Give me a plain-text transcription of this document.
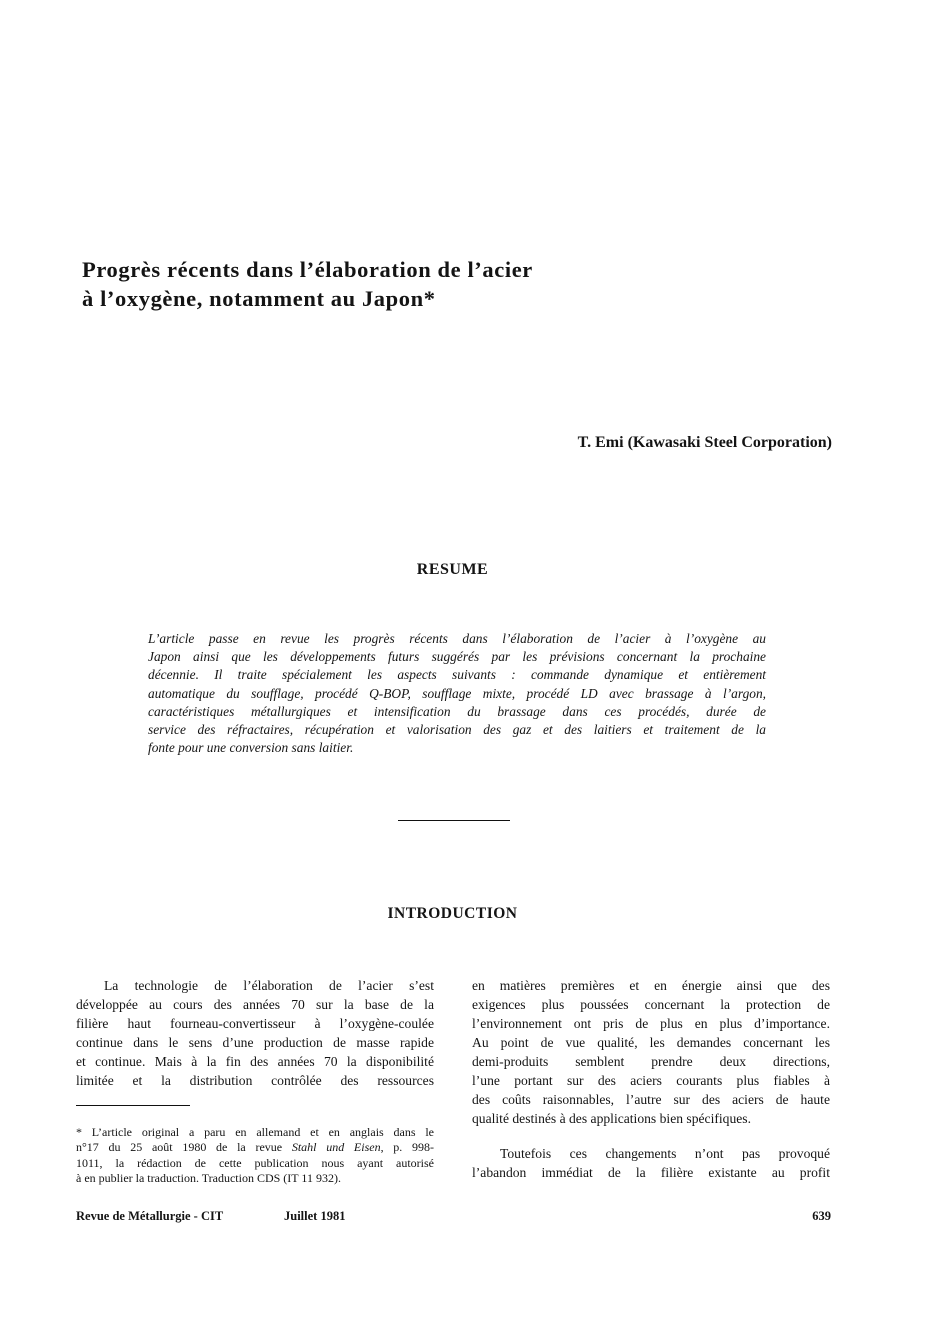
Progrès récents dans l’élaboration de l’acier
à l’oxygène, notamment au Japon*
T. Emi (Kawasaki Steel Corporation)
RESUME
L’article passe en revue les progrès récents dans l’élaboration de l’acier à l’oxygène au
Japon ainsi que les développements futurs suggérés par les prévisions concernant la prochaine
décennie. Il traite spécialement les aspects suivants : commande dynamique et entièrement
automatique du soufflage, procédé Q-BOP, soufflage mixte, procédé LD avec brassage à l’argon,
caractéristiques métallurgiques et intensification du brassage dans ces procédés, durée de
service des réfractaires, récupération et valorisation des gaz et des laitiers et traitement de la
fonte pour une conversion sans laitier.
INTRODUCTION
La technologie de l’élaboration de l’acier s’est
développée au cours des années 70 sur la base de la
filière haut fourneau-convertisseur à l’oxygène-coulée
continue dans le sens d’une production de masse rapide
et continue. Mais à la fin des années 70 la disponibilité
limitée et la distribution contrôlée des ressources
* L’article original a paru en allemand et en anglais dans le
n°17 du 25 août 1980 de la revue Stahl und Eisen, p. 998-
1011, la rédaction de cette publication nous ayant autorisé
à en publier la traduction. Traduction CDS (IT 11 932).
en matières premières et en énergie ainsi que des
exigences plus poussées concernant la protection de
l’environnement ont pris de plus en plus d’importance.
Au point de vue qualité, les demandes concernant les
demi-produits semblent prendre deux directions,
l’une portant sur des aciers courants plus fiables à
des coûts raisonnables, l’autre sur des aciers de haute
qualité destinés à des applications bien spécifiques.
Toutefois ces changements n’ont pas provoqué
l’abandon immédiat de la filière existante au profit
Revue de Métallurgie - CIT	Juillet 1981	639
